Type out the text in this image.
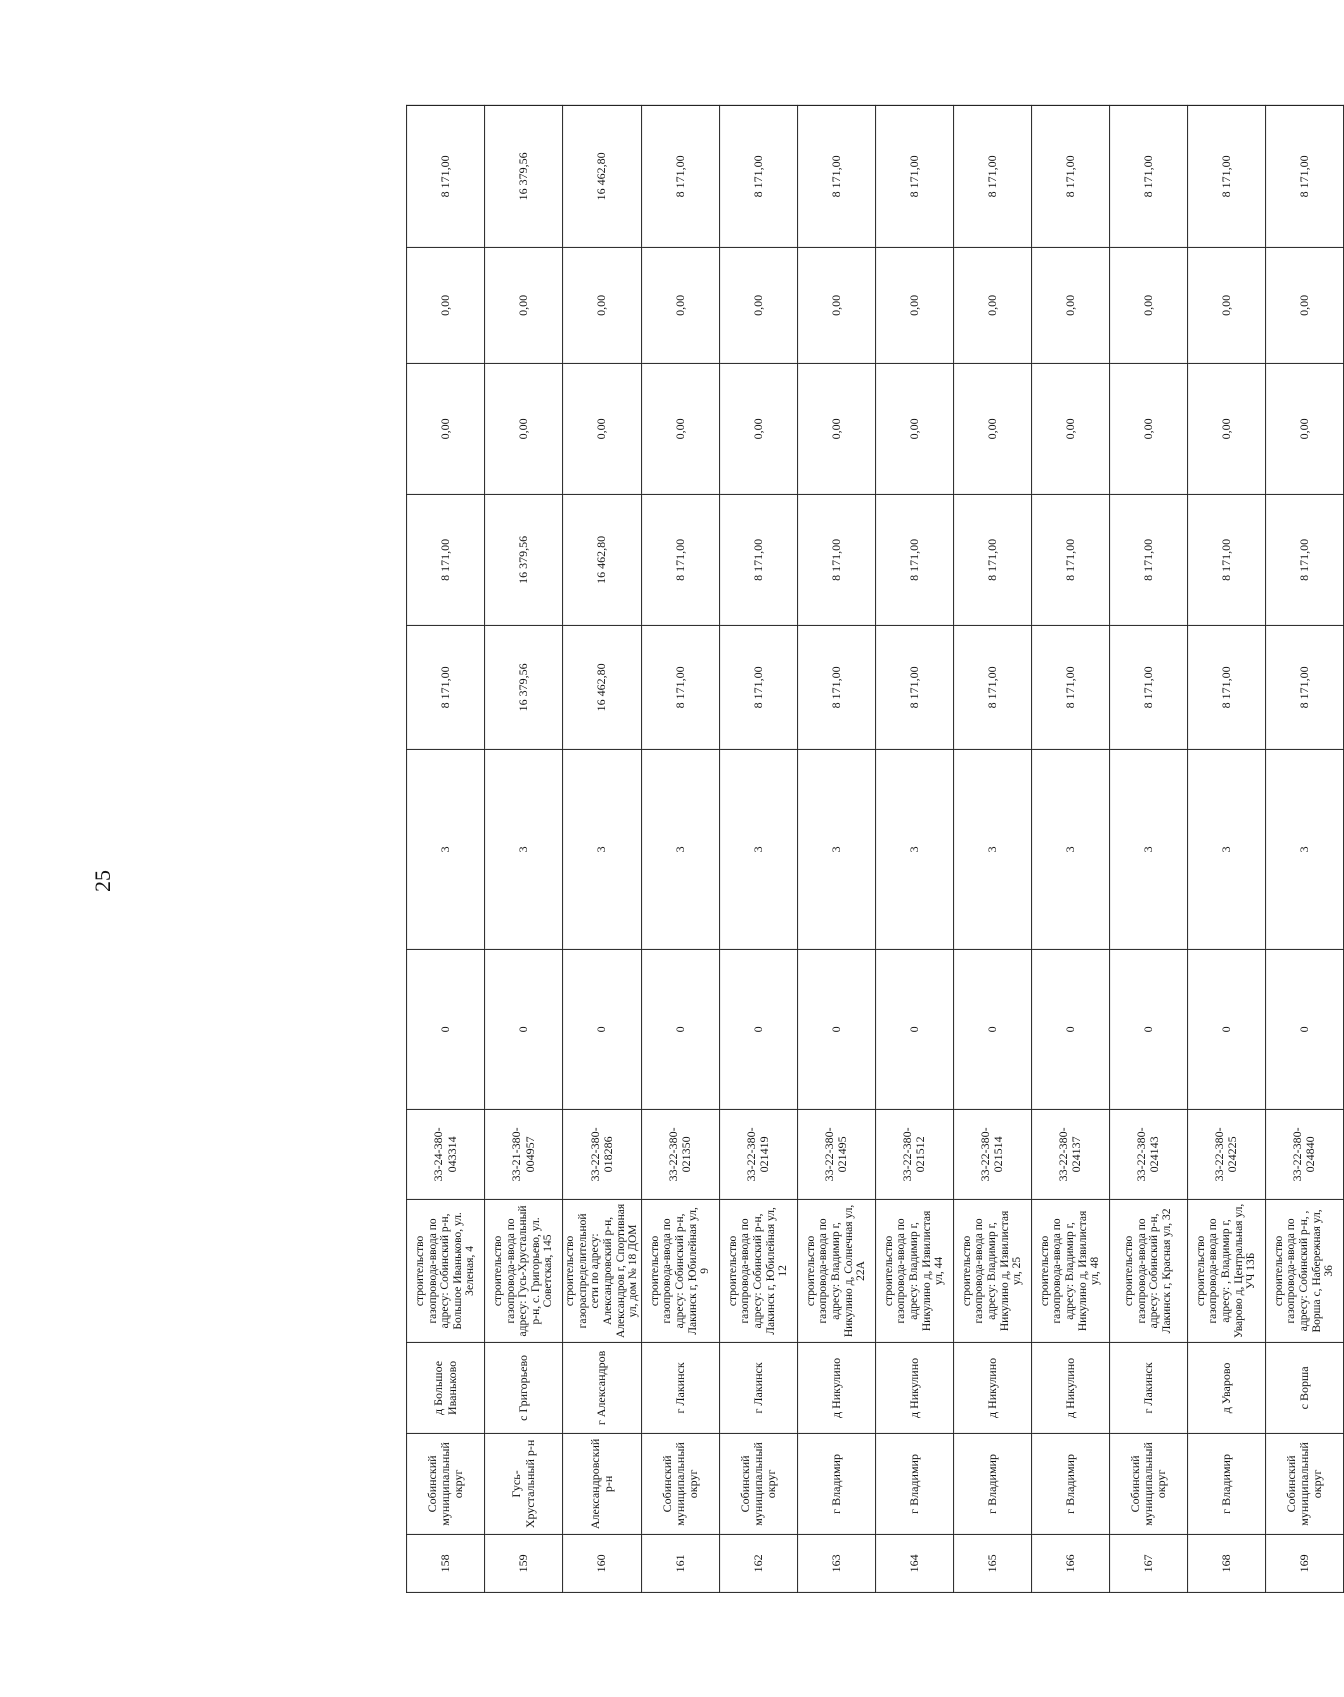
25
158	Собинский муниципальный округ	д Большое Иваньково	строительство газопровода-ввода по адресу: Собинский р-н, Большое Иваньково, ул. Зеленая, 4	33-24-380-043314	0	3	8 171,00	8 171,00	0,00	0,00	8 171,00	
159	Гусь-Хрустальный р-н	с Григорьево	строительство газопровода-ввода по адресу: Гусь-Хрустальный р-н, с. Григорьево, ул. Советская, 145	33-21-380-004957	0	3	16 379,56	16 379,56	0,00	0,00	16 379,56	
160	Александровский р-н	г Александров	строительство газораспределительной сети по адресу: Александровский р-н, Александров г, Спортивная ул, дом № 18 ДОМ	33-22-380-018286	0	3	16 462,80	16 462,80	0,00	0,00	16 462,80	
161	Собинский муниципальный округ	г Лакинск	строительство газопровода-ввода по адресу: Собинский р-н, Лакинск г, Юбилейная ул, 9	33-22-380-021350	0	3	8 171,00	8 171,00	0,00	0,00	8 171,00	
162	Собинский муниципальный округ	г Лакинск	строительство газопровода-ввода по адресу: Собинский р-н, Лакинск г, Юбилейная ул, 12	33-22-380-021419	0	3	8 171,00	8 171,00	0,00	0,00	8 171,00	
163	г Владимир	д Никулино	строительство газопровода-ввода по адресу: Владимир г, Никулино д, Солнечная ул, 22А	33-22-380-021495	0	3	8 171,00	8 171,00	0,00	0,00	8 171,00	
164	г Владимир	д Никулино	строительство газопровода-ввода по адресу: Владимир г, Никулино д, Извилистая ул, 44	33-22-380-021512	0	3	8 171,00	8 171,00	0,00	0,00	8 171,00	
165	г Владимир	д Никулино	строительство газопровода-ввода по адресу: Владимир г, Никулино д, Извилистая ул, 25	33-22-380-021514	0	3	8 171,00	8 171,00	0,00	0,00	8 171,00	
166	г Владимир	д Никулино	строительство газопровода-ввода по адресу: Владимир г, Никулино д, Извилистая ул, 48	33-22-380-024137	0	3	8 171,00	8 171,00	0,00	0,00	8 171,00	
167	Собинский муниципальный округ	г Лакинск	строительство газопровода-ввода по адресу: Собинский р-н, Лакинск г, Красная ул, 32	33-22-380-024143	0	3	8 171,00	8 171,00	0,00	0,00	8 171,00	
168	г Владимир	д Уварово	строительство газопровода-ввода по адресу: , Владимир г, Уварово д, Центральная ул, УЧ 13Б	33-22-380-024225	0	3	8 171,00	8 171,00	0,00	0,00	8 171,00	
169	Собинский муниципальный округ	с Ворша	строительство газопровода-ввода по адресу: Собинский р-н, , Ворша с, Набережная ул, 36	33-22-380-024840	0	3	8 171,00	8 171,00	0,00	0,00	8 171,00	
